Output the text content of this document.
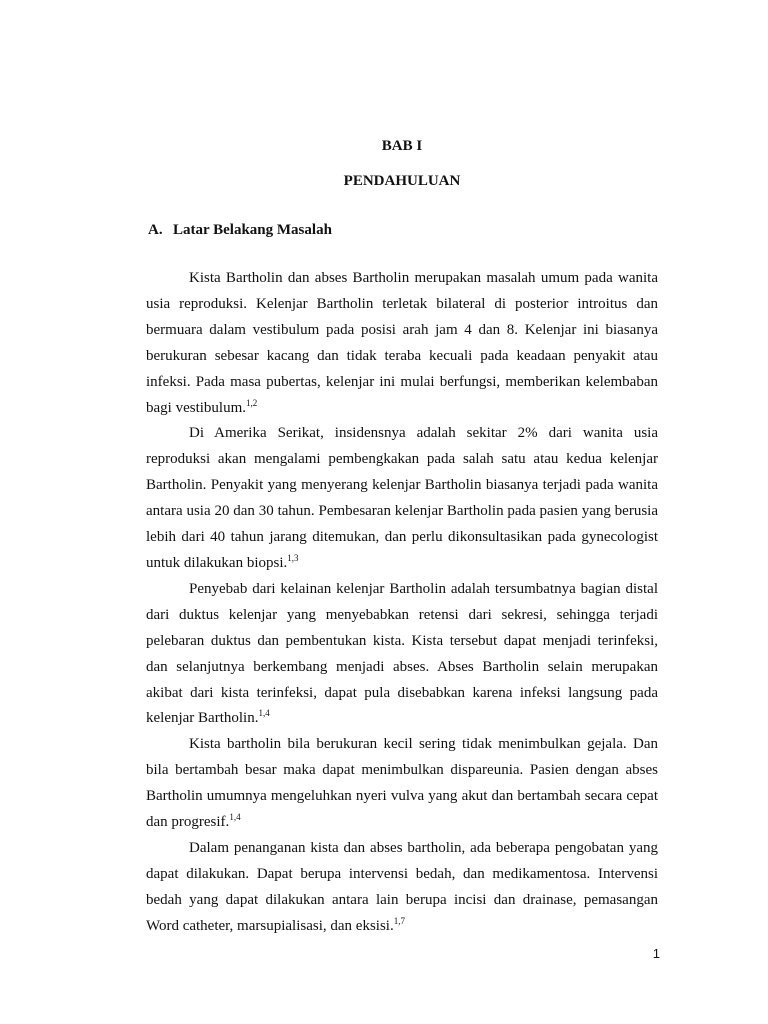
BAB I
PENDAHULUAN
A. Latar Belakang Masalah

Kista Bartholin dan abses Bartholin merupakan masalah umum pada wanita usia reproduksi. Kelenjar Bartholin terletak bilateral di posterior introitus dan bermuara dalam vestibulum pada posisi arah jam 4 dan 8. Kelenjar ini biasanya berukuran sebesar kacang dan tidak teraba kecuali pada keadaan penyakit atau infeksi. Pada masa pubertas, kelenjar ini mulai berfungsi, memberikan kelembaban bagi vestibulum.$^{1,2}$

Di Amerika Serikat, insidensnya adalah sekitar 2% dari wanita usia reproduksi akan mengalami pembengkakan pada salah satu atau kedua kelenjar Bartholin. Penyakit yang menyerang kelenjar Bartholin biasanya terjadi pada wanita antara usia 20 dan 30 tahun. Pembesaran kelenjar Bartholin pada pasien yang berusia lebih dari 40 tahun jarang ditemukan, dan perlu dikonsultasikan pada gynecologist untuk dilakukan biopsi.$^{1,3}$

Penyebab dari kelainan kelenjar Bartholin adalah tersumbatnya bagian distal dari duktus kelenjar yang menyebabkan retensi dari sekresi, sehingga terjadi pelebaran duktus dan pembentukan kista. Kista tersebut dapat menjadi terinfeksi, dan selanjutnya berkembang menjadi abses. Abses Bartholin selain merupakan akibat dari kista terinfeksi, dapat pula disebabkan karena infeksi langsung pada kelenjar Bartholin.$^{1,4}$

Kista bartholin bila berukuran kecil sering tidak menimbulkan gejala. Dan bila bertambah besar maka dapat menimbulkan dispareunia. Pasien dengan abses Bartholin umumnya mengeluhkan nyeri vulva yang akut dan bertambah secara cepat dan progresif.$^{1,4}$

Dalam penanganan kista dan abses bartholin, ada beberapa pengobatan yang dapat dilakukan. Dapat berupa intervensi bedah, dan medikamentosa. Intervensi bedah yang dapat dilakukan antara lain berupa incisi dan drainase, pemasangan Word catheter, marsupialisasi, dan eksisi.$^{1,7}$

1
